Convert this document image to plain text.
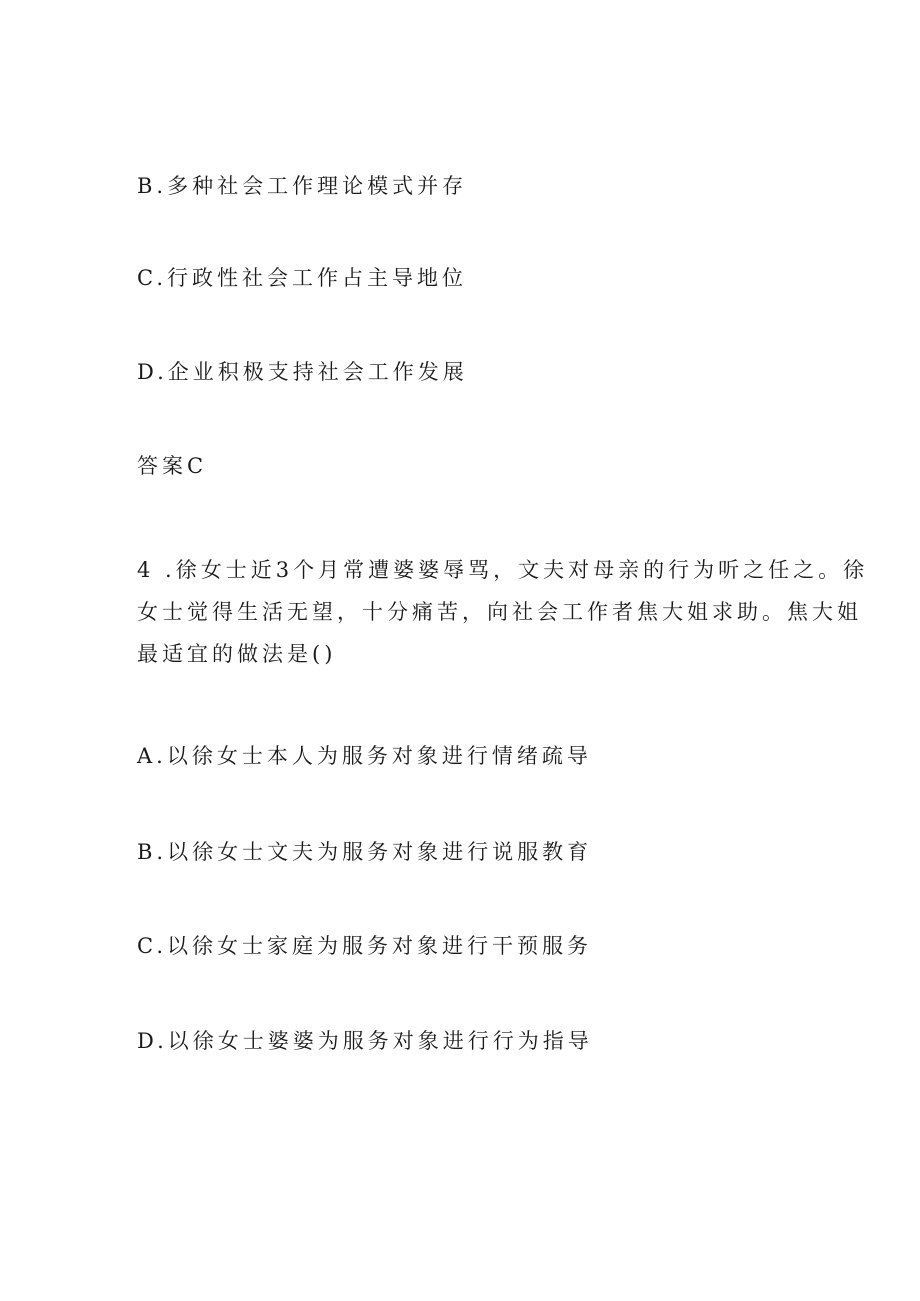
B.多种社会工作理论模式并存
C.行政性社会工作占主导地位
D.企业积极支持社会工作发展
答案C
4 .徐女士近3个月常遭婆婆辱骂，文夫对母亲的行为听之任之。徐
女士觉得生活无望，十分痛苦，向社会工作者焦大姐求助。焦大姐
最适宜的做法是()
A.以徐女士本人为服务对象进行情绪疏导
B.以徐女士文夫为服务对象进行说服教育
C.以徐女士家庭为服务对象进行干预服务
D.以徐女士婆婆为服务对象进行行为指导
